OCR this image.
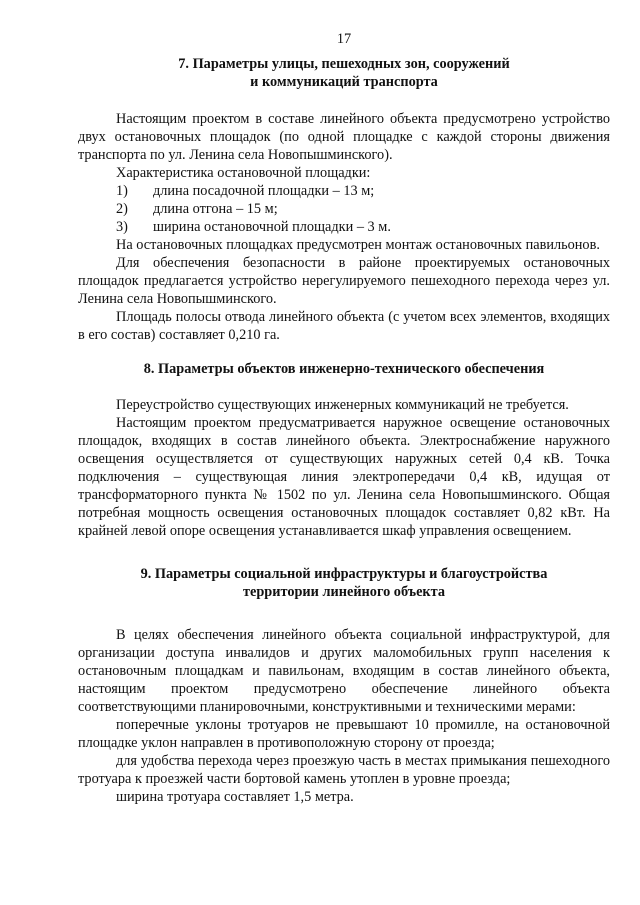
17
7. Параметры улицы, пешеходных зон, сооружений
и коммуникаций транспорта

Настоящим проектом в составе линейного объекта предусмотрено устройство двух остановочных площадок (по одной площадке с каждой стороны движения транспорта по ул. Ленина села Новопышминского).

Характеристика остановочной площадки:

1)	длина посадочной площадки – 13 м;
2)	длина отгона – 15 м;
3)	ширина остановочной площадки – 3 м.

На остановочных площадках предусмотрен монтаж остановочных павильонов.

Для обеспечения безопасности в районе проектируемых остановочных площадок предлагается устройство нерегулируемого пешеходного перехода через ул. Ленина села Новопышминского.

Площадь полосы отвода линейного объекта (с учетом всех элементов, входящих в его состав) составляет 0,210 га.

8. Параметры объектов инженерно-технического обеспечения

Переустройство существующих инженерных коммуникаций не требуется.

Настоящим проектом предусматривается наружное освещение остановочных площадок, входящих в состав линейного объекта. Электроснабжение наружного освещения осуществляется от существующих наружных сетей 0,4 кВ. Точка подключения – существующая линия электропередачи 0,4 кВ, идущая от трансформаторного пункта № 1502 по ул. Ленина села Новопышминского. Общая потребная мощность освещения остановочных площадок составляет 0,82 кВт. На крайней левой опоре освещения устанавливается шкаф управления освещением.

9. Параметры социальной инфраструктуры и благоустройства
территории линейного объекта

В целях обеспечения линейного объекта социальной инфраструктурой, для организации доступа инвалидов и других маломобильных групп населения к остановочным площадкам и павильонам, входящим в состав линейного объекта, настоящим проектом предусмотрено обеспечение линейного объекта соответствующими планировочными, конструктивными и техническими мерами:

поперечные уклоны тротуаров не превышают 10 промилле, на остановочной площадке уклон направлен в противоположную сторону от проезда;

для удобства перехода через проезжую часть в местах примыкания пешеходного тротуара к проезжей части бортовой камень утоплен в уровне проезда;

ширина тротуара составляет 1,5 метра.
